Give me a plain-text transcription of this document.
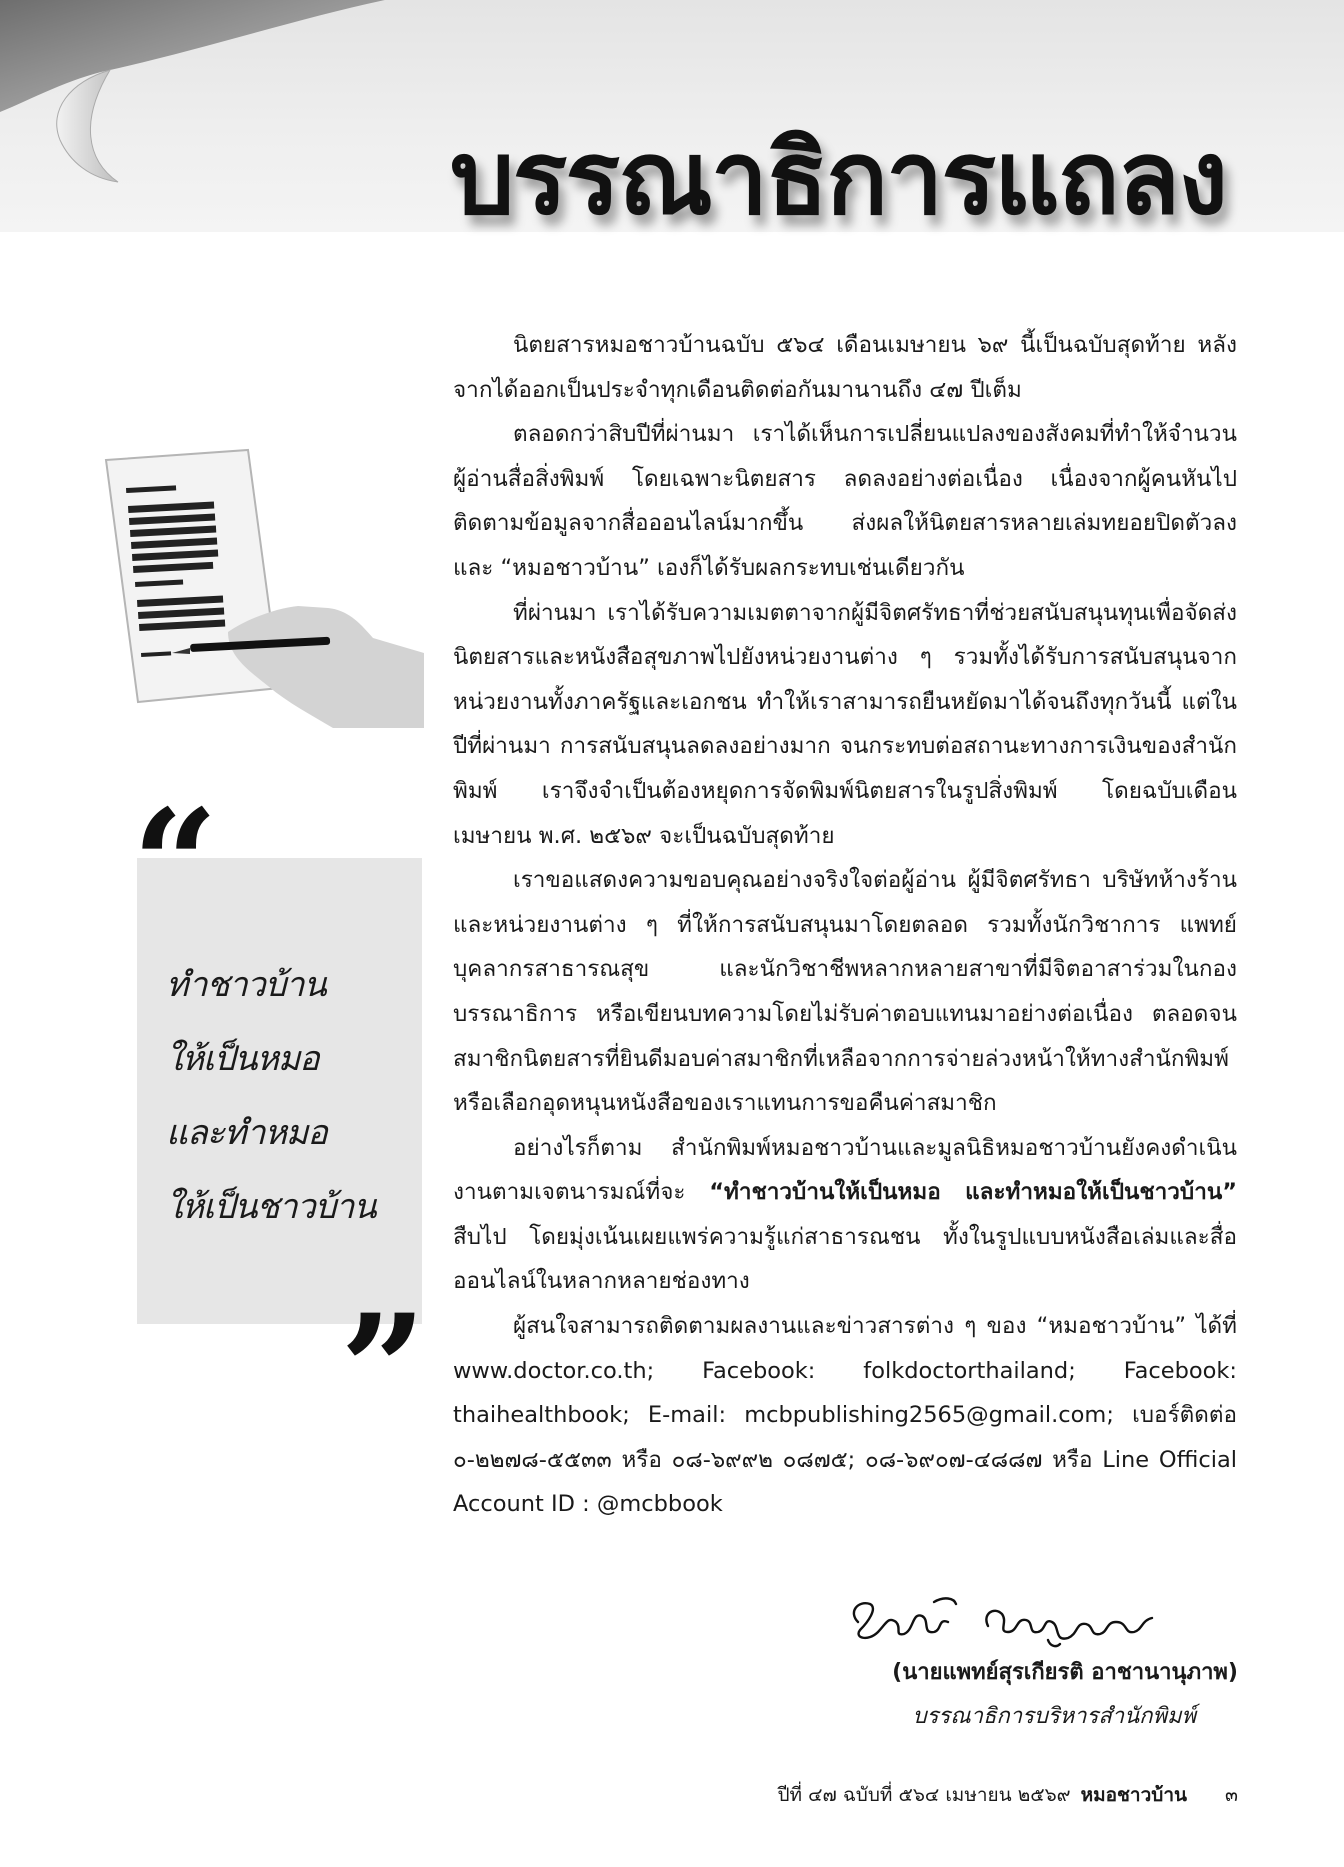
บรรณาธิการแถลง
“
”
ทำชาวบ้าน
ให้เป็นหมอ
และทำหมอ
ให้เป็นชาวบ้าน

นิตยสารหมอชาวบ้านฉบับ ๕๖๔ เดือนเมษายน ๖๙ นี้เป็นฉบับสุดท้าย หลังจากได้ออกเป็นประจำทุกเดือนติดต่อกันมานานถึง ๔๗ ปีเต็ม

ตลอดกว่าสิบปีที่ผ่านมา เราได้เห็นการเปลี่ยนแปลงของสังคมที่ทำให้จำนวนผู้อ่านสื่อสิ่งพิมพ์ โดยเฉพาะนิตยสาร ลดลงอย่างต่อเนื่อง เนื่องจากผู้คนหันไปติดตามข้อมูลจากสื่อออนไลน์มากขึ้น ส่งผลให้นิตยสารหลายเล่มทยอยปิดตัวลง และ “หมอชาวบ้าน” เองก็ได้รับผลกระทบเช่นเดียวกัน

ที่ผ่านมา เราได้รับความเมตตาจากผู้มีจิตศรัทธาที่ช่วยสนับสนุนทุนเพื่อจัดส่งนิตยสารและหนังสือสุขภาพไปยังหน่วยงานต่าง ๆ รวมทั้งได้รับการสนับสนุนจากหน่วยงานทั้งภาครัฐและเอกชน ทำให้เราสามารถยืนหยัดมาได้จนถึงทุกวันนี้ แต่ในปีที่ผ่านมา การสนับสนุนลดลงอย่างมาก จนกระทบต่อสถานะทางการเงินของสำนักพิมพ์ เราจึงจำเป็นต้องหยุดการจัดพิมพ์นิตยสารในรูปสิ่งพิมพ์ โดยฉบับเดือนเมษายน พ.ศ. ๒๕๖๙ จะเป็นฉบับสุดท้าย

เราขอแสดงความขอบคุณอย่างจริงใจต่อผู้อ่าน ผู้มีจิตศรัทธา บริษัทห้างร้าน และหน่วยงานต่าง ๆ ที่ให้การสนับสนุนมาโดยตลอด รวมทั้งนักวิชาการ แพทย์ บุคลากรสาธารณสุข และนักวิชาชีพหลากหลายสาขาที่มีจิตอาสาร่วมในกองบรรณาธิการ หรือเขียนบทความโดยไม่รับค่าตอบแทนมาอย่างต่อเนื่อง ตลอดจนสมาชิกนิตยสารที่ยินดีมอบค่าสมาชิกที่เหลือจากการจ่ายล่วงหน้าให้ทางสำนักพิมพ์ หรือเลือกอุดหนุนหนังสือของเราแทนการขอคืนค่าสมาชิก

อย่างไรก็ตาม สำนักพิมพ์หมอชาวบ้านและมูลนิธิหมอชาวบ้านยังคงดำเนินงานตามเจตนารมณ์ที่จะ “ทำชาวบ้านให้เป็นหมอ และทำหมอให้เป็นชาวบ้าน” สืบไป โดยมุ่งเน้นเผยแพร่ความรู้แก่สาธารณชน ทั้งในรูปแบบหนังสือเล่มและสื่อออนไลน์ในหลากหลายช่องทาง

ผู้สนใจสามารถติดตามผลงานและข่าวสารต่าง ๆ ของ “หมอชาวบ้าน” ได้ที่ www.doctor.co.th; Facebook: folkdoctorthailand; Facebook: thaihealthbook; E-mail: mcbpublishing2565@gmail.com; เบอร์ติดต่อ ๐-๒๒๗๘-๕๕๓๓ หรือ ๐๘-๖๙๙๒ ๐๘๗๕; ๐๘-๖๙๐๗-๔๘๘๗ หรือ Line Official Account ID : @mcbbook

(นายแพทย์สุรเกียรติ อาชานานุภาพ)
บรรณาธิการบริหารสำนักพิมพ์
ปีที่ ๔๗ ฉบับที่ ๕๖๔ เมษายน ๒๕๖๙ หมอชาวบ้าน ๓
